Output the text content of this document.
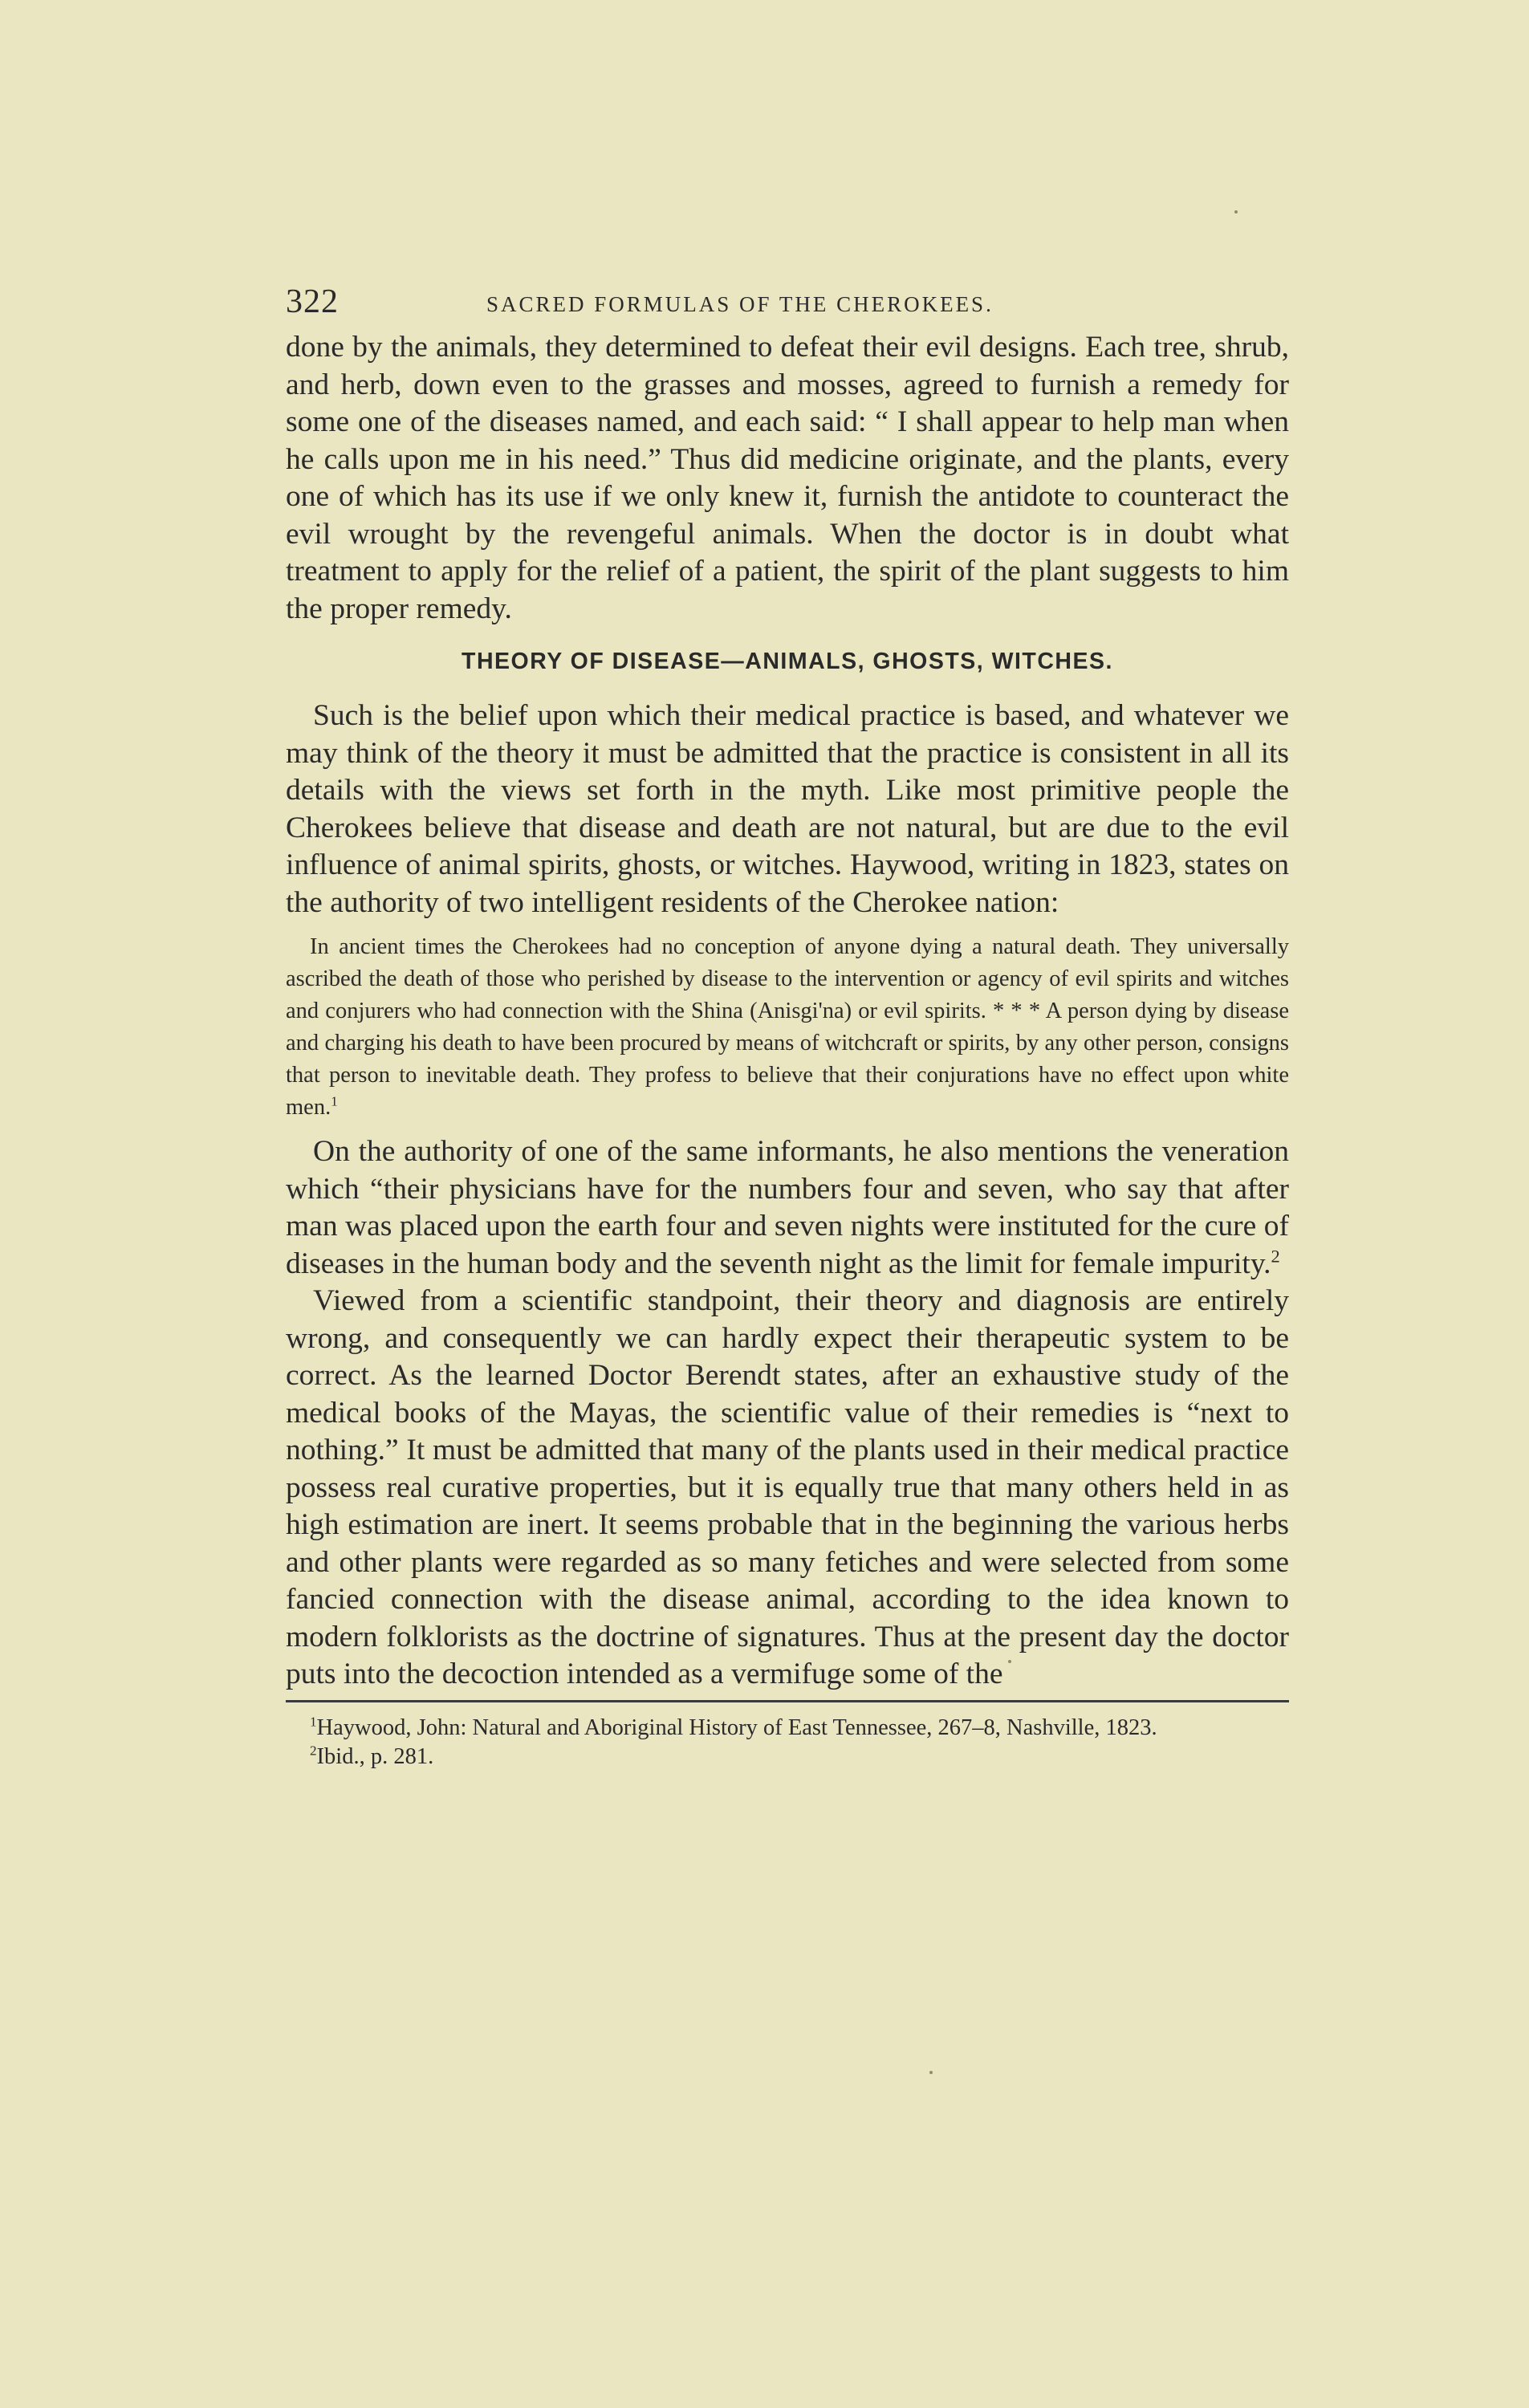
322	SACRED FORMULAS OF THE CHEROKEES.

done by the animals, they determined to defeat their evil designs. Each tree, shrub, and herb, down even to the grasses and mosses, agreed to furnish a remedy for some one of the diseases named, and each said: “ I shall appear to help man when he calls upon me in his need.” Thus did medicine originate, and the plants, every one of which has its use if we only knew it, furnish the antidote to counteract the evil wrought by the revengeful animals. When the doctor is in doubt what treatment to apply for the relief of a patient, the spirit of the plant suggests to him the proper remedy.

THEORY OF DISEASE—ANIMALS, GHOSTS, WITCHES.

Such is the belief upon which their medical practice is based, and whatever we may think of the theory it must be admitted that the practice is consistent in all its details with the views set forth in the myth. Like most primitive people the Cherokees believe that disease and death are not natural, but are due to the evil influence of animal spirits, ghosts, or witches. Haywood, writing in 1823, states on the authority of two intelligent residents of the Cherokee nation:

In ancient times the Cherokees had no conception of anyone dying a natural death. They universally ascribed the death of those who perished by disease to the intervention or agency of evil spirits and witches and conjurers who had connection with the Shina (Anisgi'na) or evil spirits. * * * A person dying by disease and charging his death to have been procured by means of witchcraft or spirits, by any other person, consigns that person to inevitable death. They profess to believe that their conjurations have no effect upon white men.$^1$

On the authority of one of the same informants, he also mentions the veneration which “their physicians have for the numbers four and seven, who say that after man was placed upon the earth four and seven nights were instituted for the cure of diseases in the human body and the seventh night as the limit for female impurity.$^2$

Viewed from a scientific standpoint, their theory and diagnosis are entirely wrong, and consequently we can hardly expect their therapeutic system to be correct. As the learned Doctor Berendt states, after an exhaustive study of the medical books of the Mayas, the scientific value of their remedies is “next to nothing.” It must be admitted that many of the plants used in their medical practice possess real curative properties, but it is equally true that many others held in as high estimation are inert. It seems probable that in the beginning the various herbs and other plants were regarded as so many fetiches and were selected from some fancied connection with the disease animal, according to the idea known to modern folklorists as the doctrine of signatures. Thus at the present day the doctor puts into the decoction intended as a vermifuge some of the

$^1$Haywood, John: Natural and Aboriginal History of East Tennessee, 267–8, Nashville, 1823.

$^2$Ibid., p. 281.
